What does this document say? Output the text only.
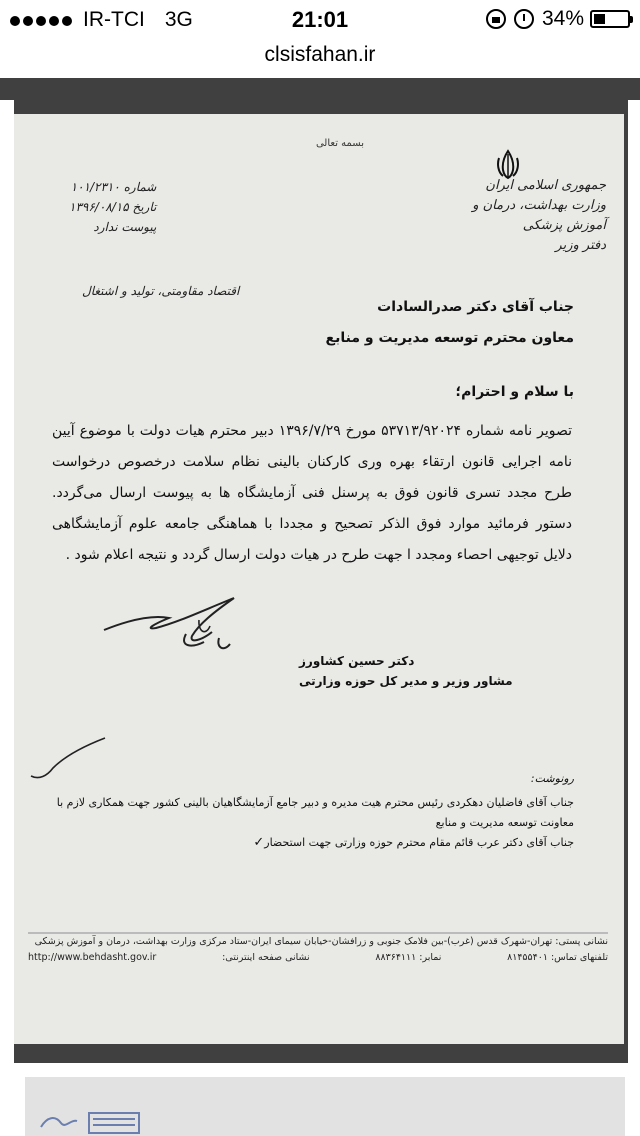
IR-TCI 3G	21:01	34%
clsisfahan.ir
بسمه تعالی
جمهوری اسلامی ایران
وزارت بهداشت، درمان و آموزش پزشکی
دفتر وزیر
شماره ۱۰۱/۲۳۱۰
تاریخ ۱۳۹۶/۰۸/۱۵
پیوست ندارد
اقتصاد مقاومتی، تولید و اشتغال
جناب آقای دکتر صدرالسادات
معاون محترم توسعه مدیریت و منابع
با سلام و احترام؛
تصویر نامه شماره ۵۳۷۱۳/۹۲۰۲۴ مورخ ۱۳۹۶/۷/۲۹ دبیر محترم هیات دولت با موضوع آیین نامه اجرایی قانون ارتقاء بهره وری کارکنان بالینی نظام سلامت درخصوص درخواست طرح مجدد تسری قانون فوق به پرسنل فنی آزمایشگاه ها به پیوست ارسال می‌گردد. دستور فرمائید موارد فوق الذکر تصحیح و مجددا با هماهنگی جامعه علوم آزمایشگاهی دلایل توجیهی احصاء ومجدد ا جهت طرح در هیات دولت ارسال گردد و نتیجه اعلام شود .
دکتر حسین کشاورز
مشاور وزیر و مدیر کل حوزه وزارتی
رونوشت:
جناب آقای فاضلیان دهکردی رئیس محترم هیت مدیره و دبیر جامع آزمایشگاهیان بالینی کشور جهت همکاری لازم با معاونت توسعه مدیریت و منابع
جناب آقای دکتر عرب قائم مقام محترم حوزه وزارتی جهت استحضار
✓
نشانی پستی: تهران-شهرک قدس (غرب)-بین فلامک جنوبی و زرافشان-خیابان سیمای ایران-ستاد مرکزی وزارت بهداشت، درمان و آموزش پزشکی
تلفنهای تماس: ۸۱۴۵۵۴۰۱
نمابر: ۸۸۳۶۴۱۱۱
نشانی صفحه اینترنتی:
http://www.behdasht.gov.ir
